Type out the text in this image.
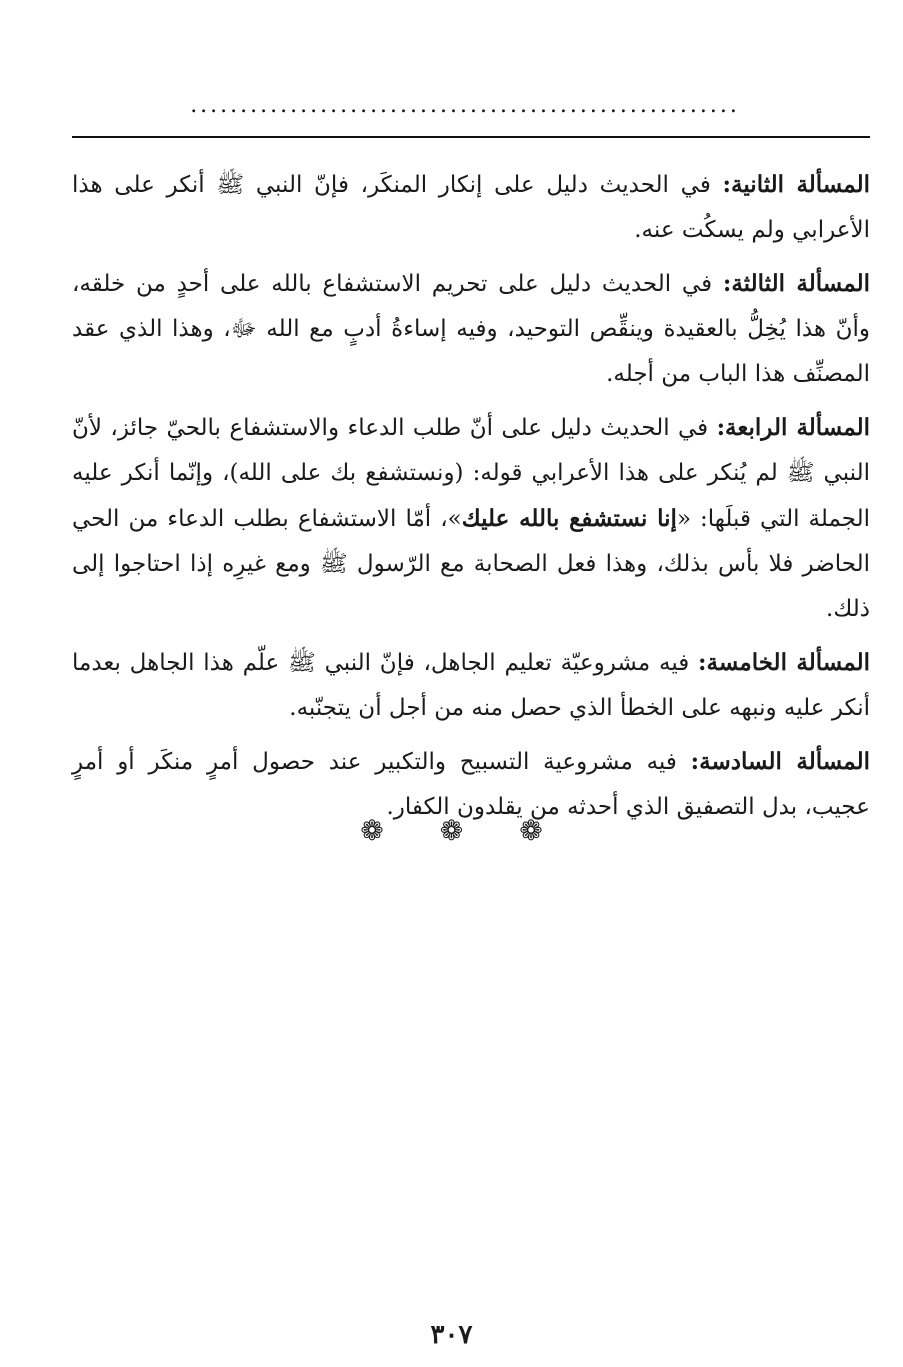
.......................................................

المسألة الثانية: في الحديث دليل على إنكار المنكَر، فإنّ النبي ﷺ أنكر على هذا الأعرابي ولم يسكُت عنه.

المسألة الثالثة: في الحديث دليل على تحريم الاستشفاع بالله على أحدٍ من خلقه، وأنّ هذا يُخِلُّ بالعقيدة وينقِّص التوحيد، وفيه إساءةُ أدبٍ مع الله ﷻ، وهذا الذي عقد المصنِّف هذا الباب من أجله.

المسألة الرابعة: في الحديث دليل على أنّ طلب الدعاء والاستشفاع بالحيّ جائز، لأنّ النبي ﷺ لم يُنكر على هذا الأعرابي قوله: (ونستشفع بك على الله)، وإنّما أنكر عليه الجملة التي قبلَها: «إنا نستشفع بالله عليك»، أمّا الاستشفاع بطلب الدعاء من الحي الحاضر فلا بأس بذلك، وهذا فعل الصحابة مع الرّسول ﷺ ومع غيرِه إذا احتاجوا إلى ذلك.

المسألة الخامسة: فيه مشروعيّة تعليم الجاهل، فإنّ النبي ﷺ علّم هذا الجاهل بعدما أنكر عليه ونبهه على الخطأ الذي حصل منه من أجل أن يتجنّبه.

المسألة السادسة: فيه مشروعية التسبيح والتكبير عند حصول أمرٍ منكَر أو أمرٍ عجيب، بدل التصفيق الذي أحدثه من يقلدون الكفار.

❁ ❁ ❁
٣٠٧
